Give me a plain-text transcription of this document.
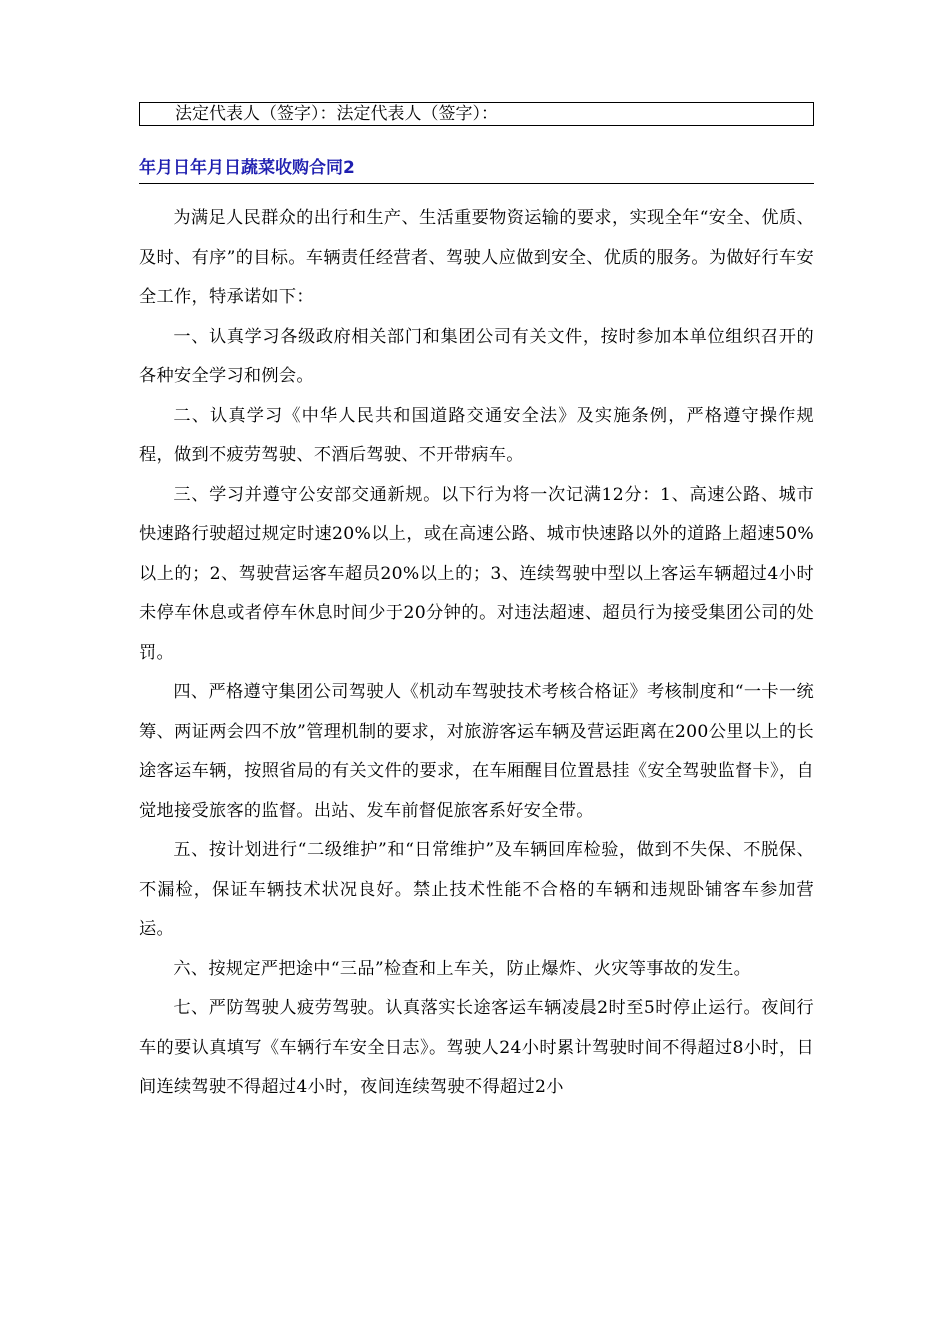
法定代表人（签字）：法定代表人（签字）：
年月日年月日蔬菜收购合同2

为满足人民群众的出行和生产、生活重要物资运输的要求，实现全年“安全、优质、及时、有序”的目标。车辆责任经营者、驾驶人应做到安全、优质的服务。为做好行车安全工作，特承诺如下：

一、认真学习各级政府相关部门和集团公司有关文件，按时参加本单位组织召开的各种安全学习和例会。

二、认真学习《中华人民共和国道路交通安全法》及实施条例，严格遵守操作规程，做到不疲劳驾驶、不酒后驾驶、不开带病车。

三、学习并遵守公安部交通新规。以下行为将一次记满12分：1、高速公路、城市快速路行驶超过规定时速20%以上，或在高速公路、城市快速路以外的道路上超速50%以上的；2、驾驶营运客车超员20%以上的；3、连续驾驶中型以上客运车辆超过4小时未停车休息或者停车休息时间少于20分钟的。对违法超速、超员行为接受集团公司的处罚。

四、严格遵守集团公司驾驶人《机动车驾驶技术考核合格证》考核制度和“一卡一统筹、两证两会四不放”管理机制的要求，对旅游客运车辆及营运距离在200公里以上的长途客运车辆，按照省局的有关文件的要求，在车厢醒目位置悬挂《安全驾驶监督卡》，自觉地接受旅客的监督。出站、发车前督促旅客系好安全带。

五、按计划进行“二级维护”和“日常维护”及车辆回库检验，做到不失保、不脱保、不漏检，保证车辆技术状况良好。禁止技术性能不合格的车辆和违规卧铺客车参加营运。

六、按规定严把途中“三品”检查和上车关，防止爆炸、火灾等事故的发生。

七、严防驾驶人疲劳驾驶。认真落实长途客运车辆凌晨2时至5时停止运行。夜间行车的要认真填写《车辆行车安全日志》。驾驶人24小时累计驾驶时间不得超过8小时，日间连续驾驶不得超过4小时，夜间连续驾驶不得超过2小
